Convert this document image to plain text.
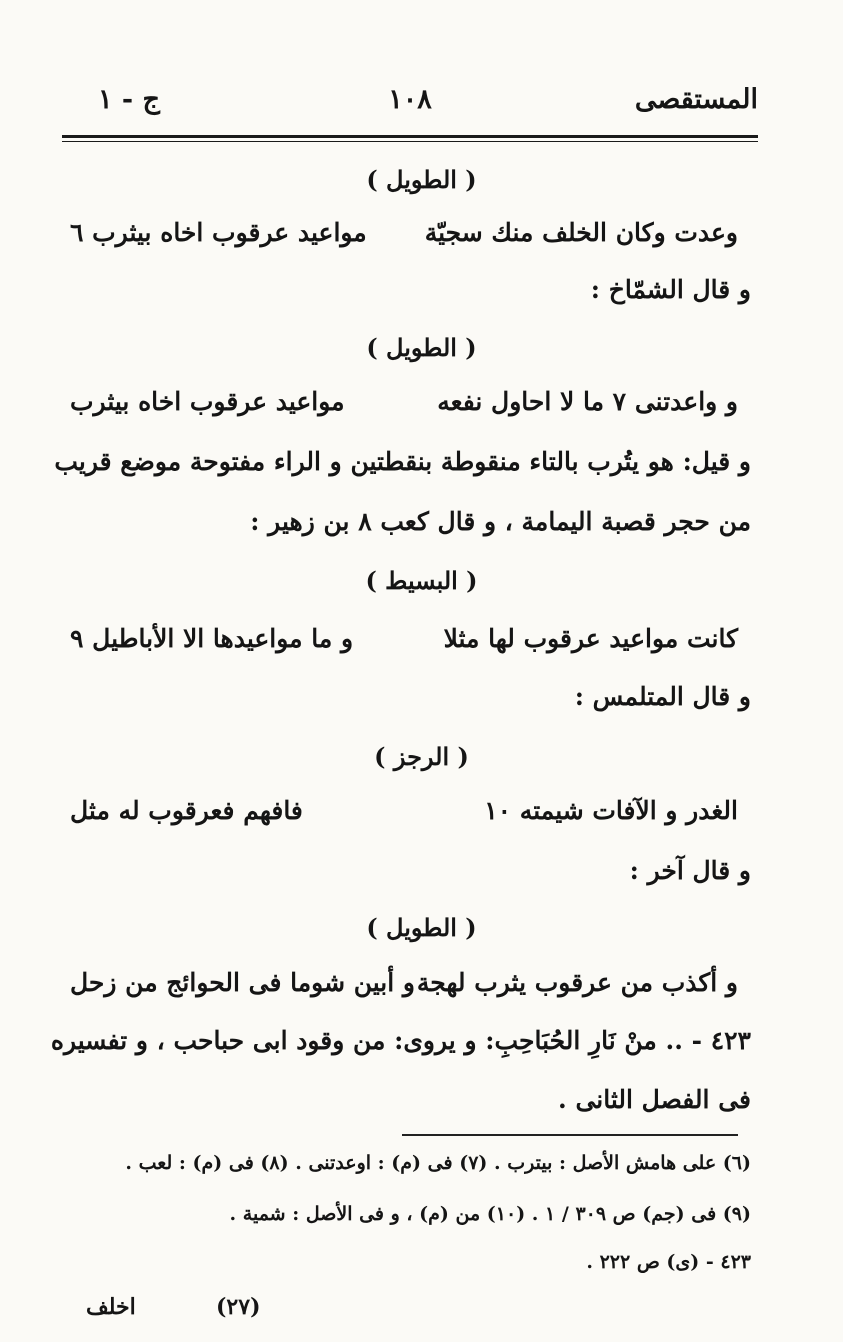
المستقصى
١٠٨
ج - ١
( الطويل )
وعدت وكان الخلف منك سجيّة
مواعيد عرقوب اخاه بيثرب ٦
و قال الشمّاخ :
( الطويل )
و واعدتنى ٧ ما لا احاول نفعه
مواعيد عرقوب اخاه بيثرب
و قيل: هو يتُرب بالتاء منقوطة بنقطتين و الراء مفتوحة موضع قريب
من حجر قصبة اليمامة ، و قال كعب ٨ بن زهير :
( البسيط )
كانت مواعيد عرقوب لها مثلا
و ما مواعيدها الا الأباطيل ٩
و قال المتلمس :
( الرجز )
الغدر و الآفات شيمته ١٠
فافهم فعرقوب له مثل
و قال آخر :
( الطويل )
و أكذب من عرقوب يثرب لهجة
و أبين شوما فى الحوائج من زحل
٤٢٣ - .. منْ نَارِ الحُبَاحِبِ: و يروى: من وقود ابى حباحب ، و تفسيره
فى الفصل الثانى .
(٦) على هامش الأصل : بيترب . (٧) فى (م) : اوعدتنى . (٨) فى (م) : لعب .
(٩) فى (جم) ص ٣٠٩ / ١ . (١٠) من (م) ، و فى الأصل : شمية .
٤٢٣ - (ى) ص ٢٢٢ .
(٢٧)
اخلف
